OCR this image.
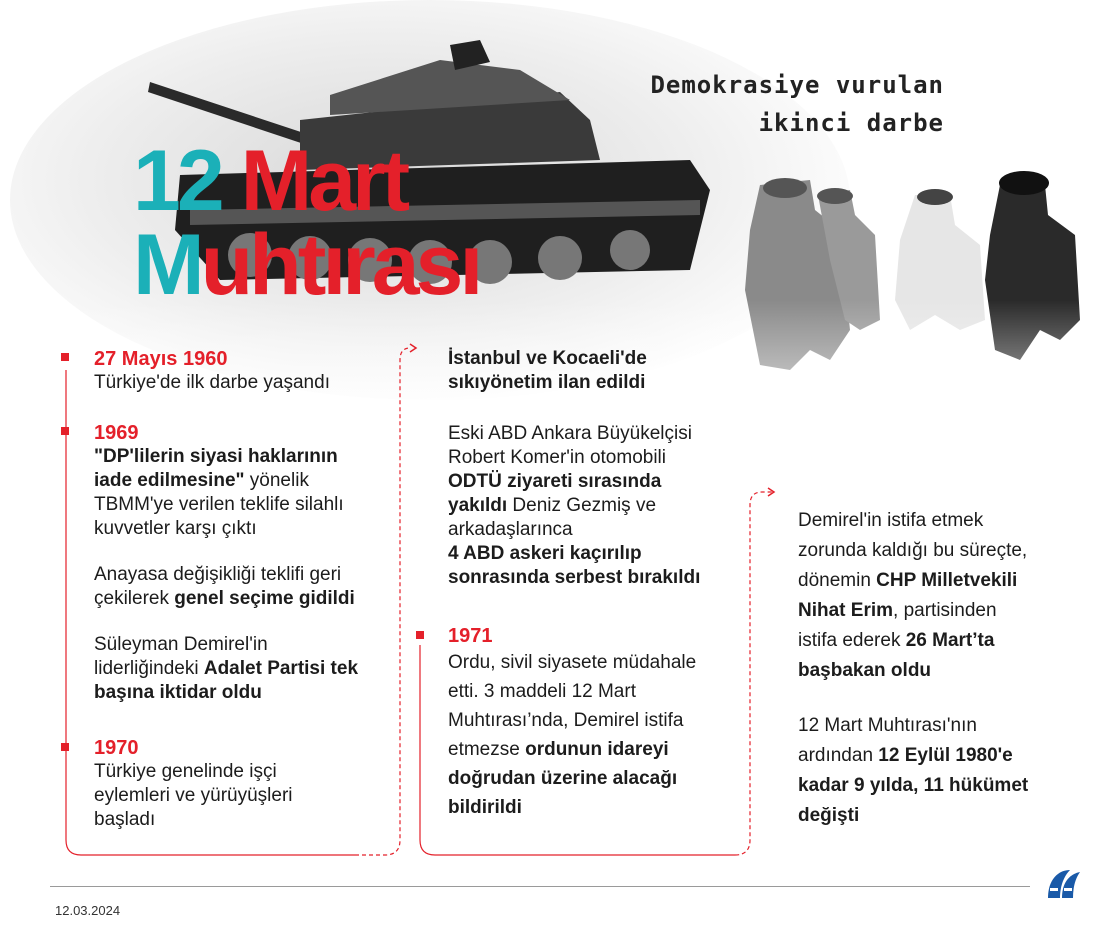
Demokrasiye vurulan
ikinci darbe
12 Mart
Muhtırası
27 Mayıs 1960
Türkiye'de ilk darbe yaşandı
1969
"DP'lilerin siyasi haklarının
iade edilmesine" yönelik
TBMM'ye verilen teklife silahlı
kuvvetler karşı çıktı
Anayasa değişikliği teklifi geri
çekilerek genel seçime gidildi
Süleyman Demirel'in
liderliğindeki Adalet Partisi tek
başına iktidar oldu
1970
Türkiye genelinde işçi
eylemleri ve yürüyüşleri
başladı
İstanbul ve Kocaeli'de
sıkıyönetim ilan edildi
Eski ABD Ankara Büyükelçisi
Robert Komer'in otomobili
ODTÜ ziyareti sırasında
yakıldı Deniz Gezmiş ve
arkadaşlarınca
4 ABD askeri kaçırılıp
sonrasında serbest bırakıldı
1971
Ordu, sivil siyasete müdahale
etti. 3 maddeli 12 Mart
Muhtırası’nda, Demirel istifa
etmezse ordunun idareyi
doğrudan üzerine alacağı
bildirildi
Demirel'in istifa etmek
zorunda kaldığı bu süreçte,
dönemin CHP Milletvekili
Nihat Erim, partisinden
istifa ederek 26 Mart’ta
başbakan oldu
12 Mart Muhtırası'nın
ardından 12 Eylül 1980'e
kadar 9 yılda, 11 hükümet
değişti
12.03.2024
